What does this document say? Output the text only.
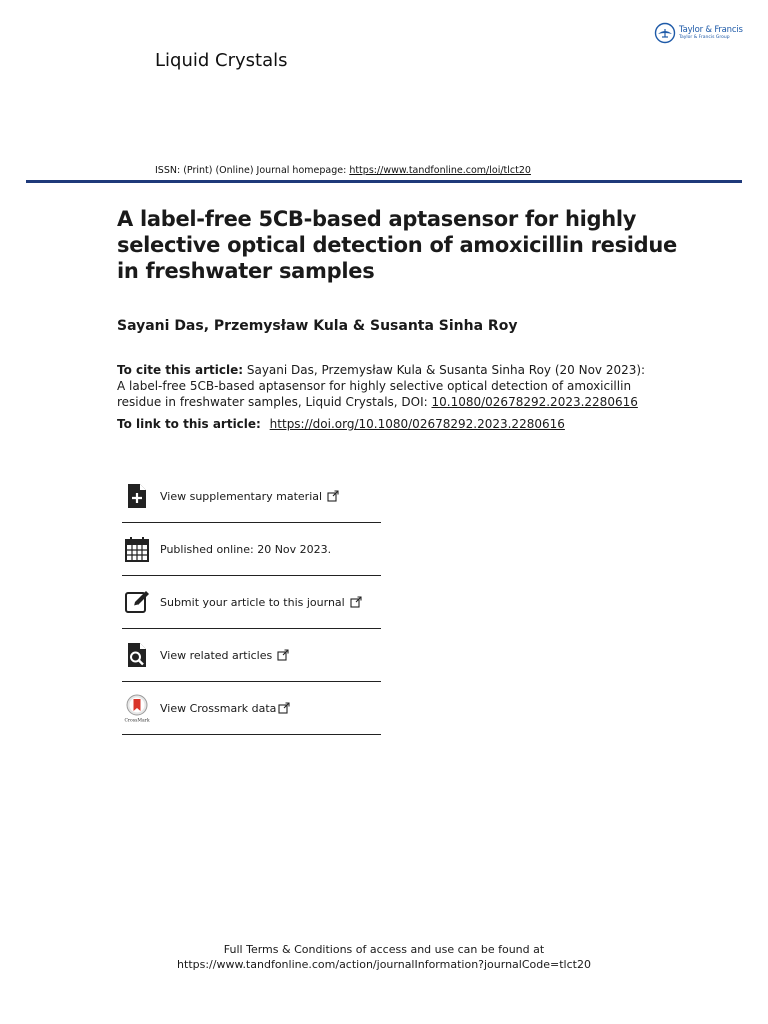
Liquid Crystals
Taylor & Francis
Taylor & Francis Group
ISSN: (Print) (Online) Journal homepage: https://www.tandfonline.com/loi/tlct20
A label-free 5CB-based aptasensor for highly selective optical detection of amoxicillin residue in freshwater samples
Sayani Das, Przemysław Kula & Susanta Sinha Roy
To cite this article: Sayani Das, Przemysław Kula & Susanta Sinha Roy (20 Nov 2023): A label-free 5CB-based aptasensor for highly selective optical detection of amoxicillin residue in freshwater samples, Liquid Crystals, DOI: 10.1080/02678292.2023.2280616
To link to this article: https://doi.org/10.1080/02678292.2023.2280616
View supplementary material
Published online: 20 Nov 2023.
Submit your article to this journal
View related articles
CrossMark
View Crossmark data
Full Terms & Conditions of access and use can be found at
https://www.tandfonline.com/action/journalInformation?journalCode=tlct20
